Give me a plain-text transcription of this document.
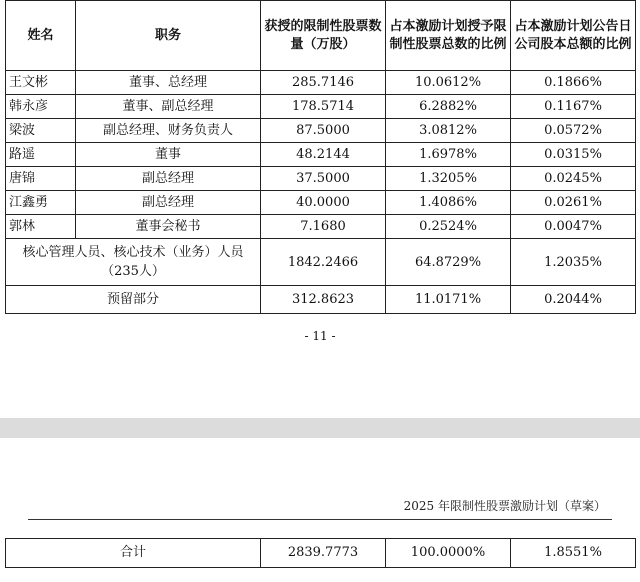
姓名	职务	获授的限制性股票数量（万股）	占本激励计划授予限制性股票总数的比例	占本激励计划公告日公司股本总额的比例
王文彬	董事、总经理	285.7146	10.0612%	0.1866%
韩永彦	董事、副总经理	178.5714	6.2882%	0.1167%
梁波	副总经理、财务负责人	87.5000	3.0812%	0.0572%
路遥	董事	48.2144	1.6978%	0.0315%
唐锦	副总经理	37.5000	1.3205%	0.0245%
江鑫勇	副总经理	40.0000	1.4086%	0.0261%
郭林	董事会秘书	7.1680	0.2524%	0.0047%
核心管理人员、核心技术（业务）人员（235人）		1842.2466	64.8729%	1.2035%
预留部分		312.8623	11.0171%	0.2044%
- 11 -
2025 年限制性股票激励计划（草案）
合计	2839.7773	100.0000%	1.8551%
